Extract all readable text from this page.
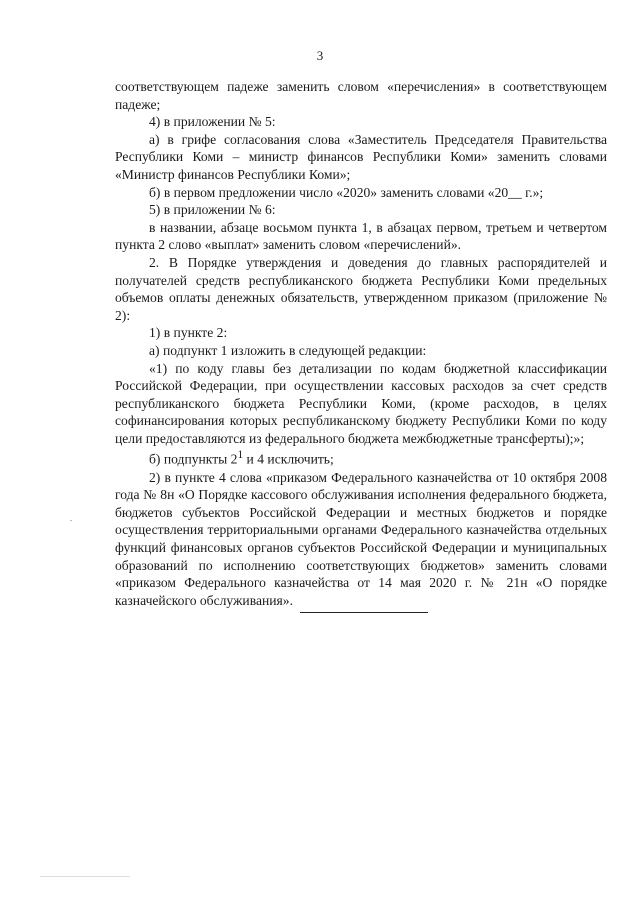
3

соответствующем падеже заменить словом «перечисления» в соответствующем падеже;

4) в приложении № 5:

а) в грифе согласования слова «Заместитель Председателя Правительства Республики Коми – министр финансов Республики Коми» заменить словами «Министр финансов Республики Коми»;

б) в первом предложении число «2020» заменить словами «20__ г.»;

5) в приложении № 6:

в названии, абзаце восьмом пункта 1, в абзацах первом, третьем и четвертом пункта 2 слово «выплат» заменить словом «перечислений».

2. В Порядке утверждения и доведения до главных распорядителей и получателей средств республиканского бюджета Республики Коми предельных объемов оплаты денежных обязательств, утвержденном приказом (приложение № 2):

1) в пункте 2:

а) подпункт 1 изложить в следующей редакции:

«1) по коду главы без детализации по кодам бюджетной классификации Российской Федерации, при осуществлении кассовых расходов за счет средств республиканского бюджета Республики Коми, (кроме расходов, в целях софинансирования которых республиканскому бюджету Республики Коми по коду цели предоставляются из федерального бюджета межбюджетные трансферты);»;

б) подпункты $2^1$ и 4 исключить;

2) в пункте 4 слова «приказом Федерального казначейства от 10 октября 2008 года № 8н «О Порядке кассового обслуживания исполнения федерального бюджета, бюджетов субъектов Российской Федерации и местных бюджетов и порядке осуществления территориальными органами Федерального казначейства отдельных функций финансовых органов субъектов Российской Федерации и муниципальных образований по исполнению соответствующих бюджетов» заменить словами «приказом Федерального казначейства от 14 мая 2020 г. № 21н «О порядке казначейского обслуживания».
